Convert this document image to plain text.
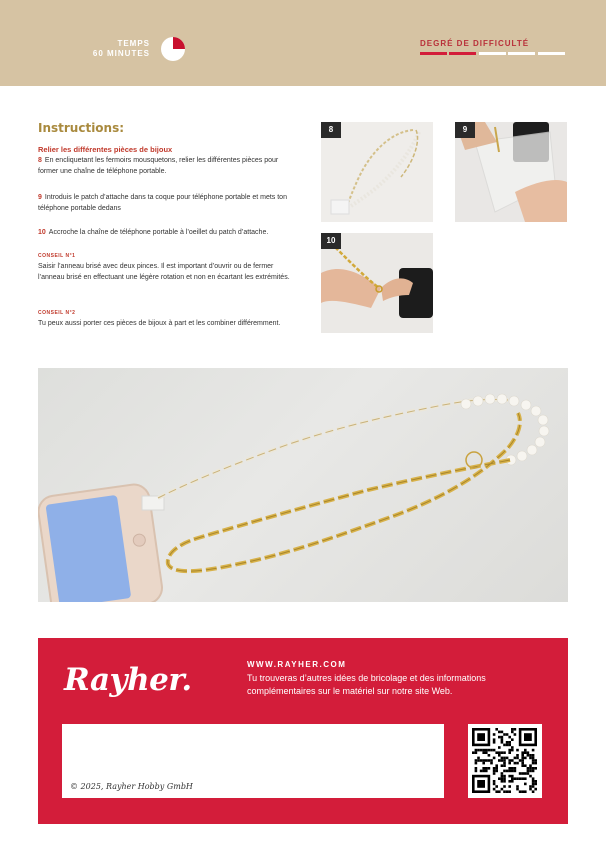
TEMPS
60 MINUTES
DEGRÉ DE DIFFICULTÉ
Instructions:
Relier les différentes pièces de bijoux
8 En encliquetant les fermoirs mousquetons, relier les différentes pièces pour former une chaîne de téléphone portable.
9 Introduis le patch d’attache dans ta coque pour téléphone portable et mets ton téléphone portable dedans
10 Accroche la chaîne de téléphone portable à l’oeillet du patch d’attache.
CONSEIL N°1
Saisir l’anneau brisé avec deux pinces. Il est important d’ouvrir ou de fermer l’anneau brisé en effectuant une légère rotation et non en écartant les extrémités.
CONSEIL N°2
Tu peux aussi porter ces pièces de bijoux à part et les combiner différemment.
8	9
10
Rayher.	WWW.RAYHER.COM
Tu trouveras d’autres idées de bricolage et des informations complémentaires sur le matériel sur notre site Web.
© 2025, Rayher Hobby GmbH
